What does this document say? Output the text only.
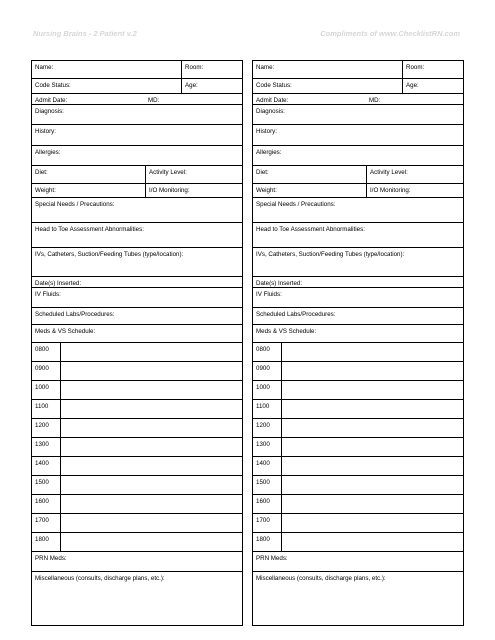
Nursing Brains - 2 Patient v.2	Compliments of www.ChecklistRN.com
Name:	Room:
Code Status:	Age:
Admit Date:	MD:
Diagnosis:
History:
Allergies:
Diet:	Activity Level:
Weight:	I/O Monitoring:
Special Needs / Precautions:
Head to Toe Assessment Abnormalities:
IVs, Catheters, Suction/Feeding Tubes (type/location):
Date(s) Inserted:
IV Fluids:
Scheduled Labs/Procedures:
Meds & VS Schedule:
0800
0900
1000
1100
1200
1300
1400
1500
1600
1700
1800
PRN Meds:
Miscellaneous (consults, discharge plans, etc.):
Name:	Room:
Code Status:	Age:
Admit Date:	MD:
Diagnosis:
History:
Allergies:
Diet:	Activity Level:
Weight:	I/O Monitoring:
Special Needs / Precautions:
Head to Toe Assessment Abnormalities:
IVs, Catheters, Suction/Feeding Tubes (type/location):
Date(s) Inserted:
IV Fluids:
Scheduled Labs/Procedures:
Meds & VS Schedule:
0800
0900
1000
1100
1200
1300
1400
1500
1600
1700
1800
PRN Meds:
Miscellaneous (consults, discharge plans, etc.):
